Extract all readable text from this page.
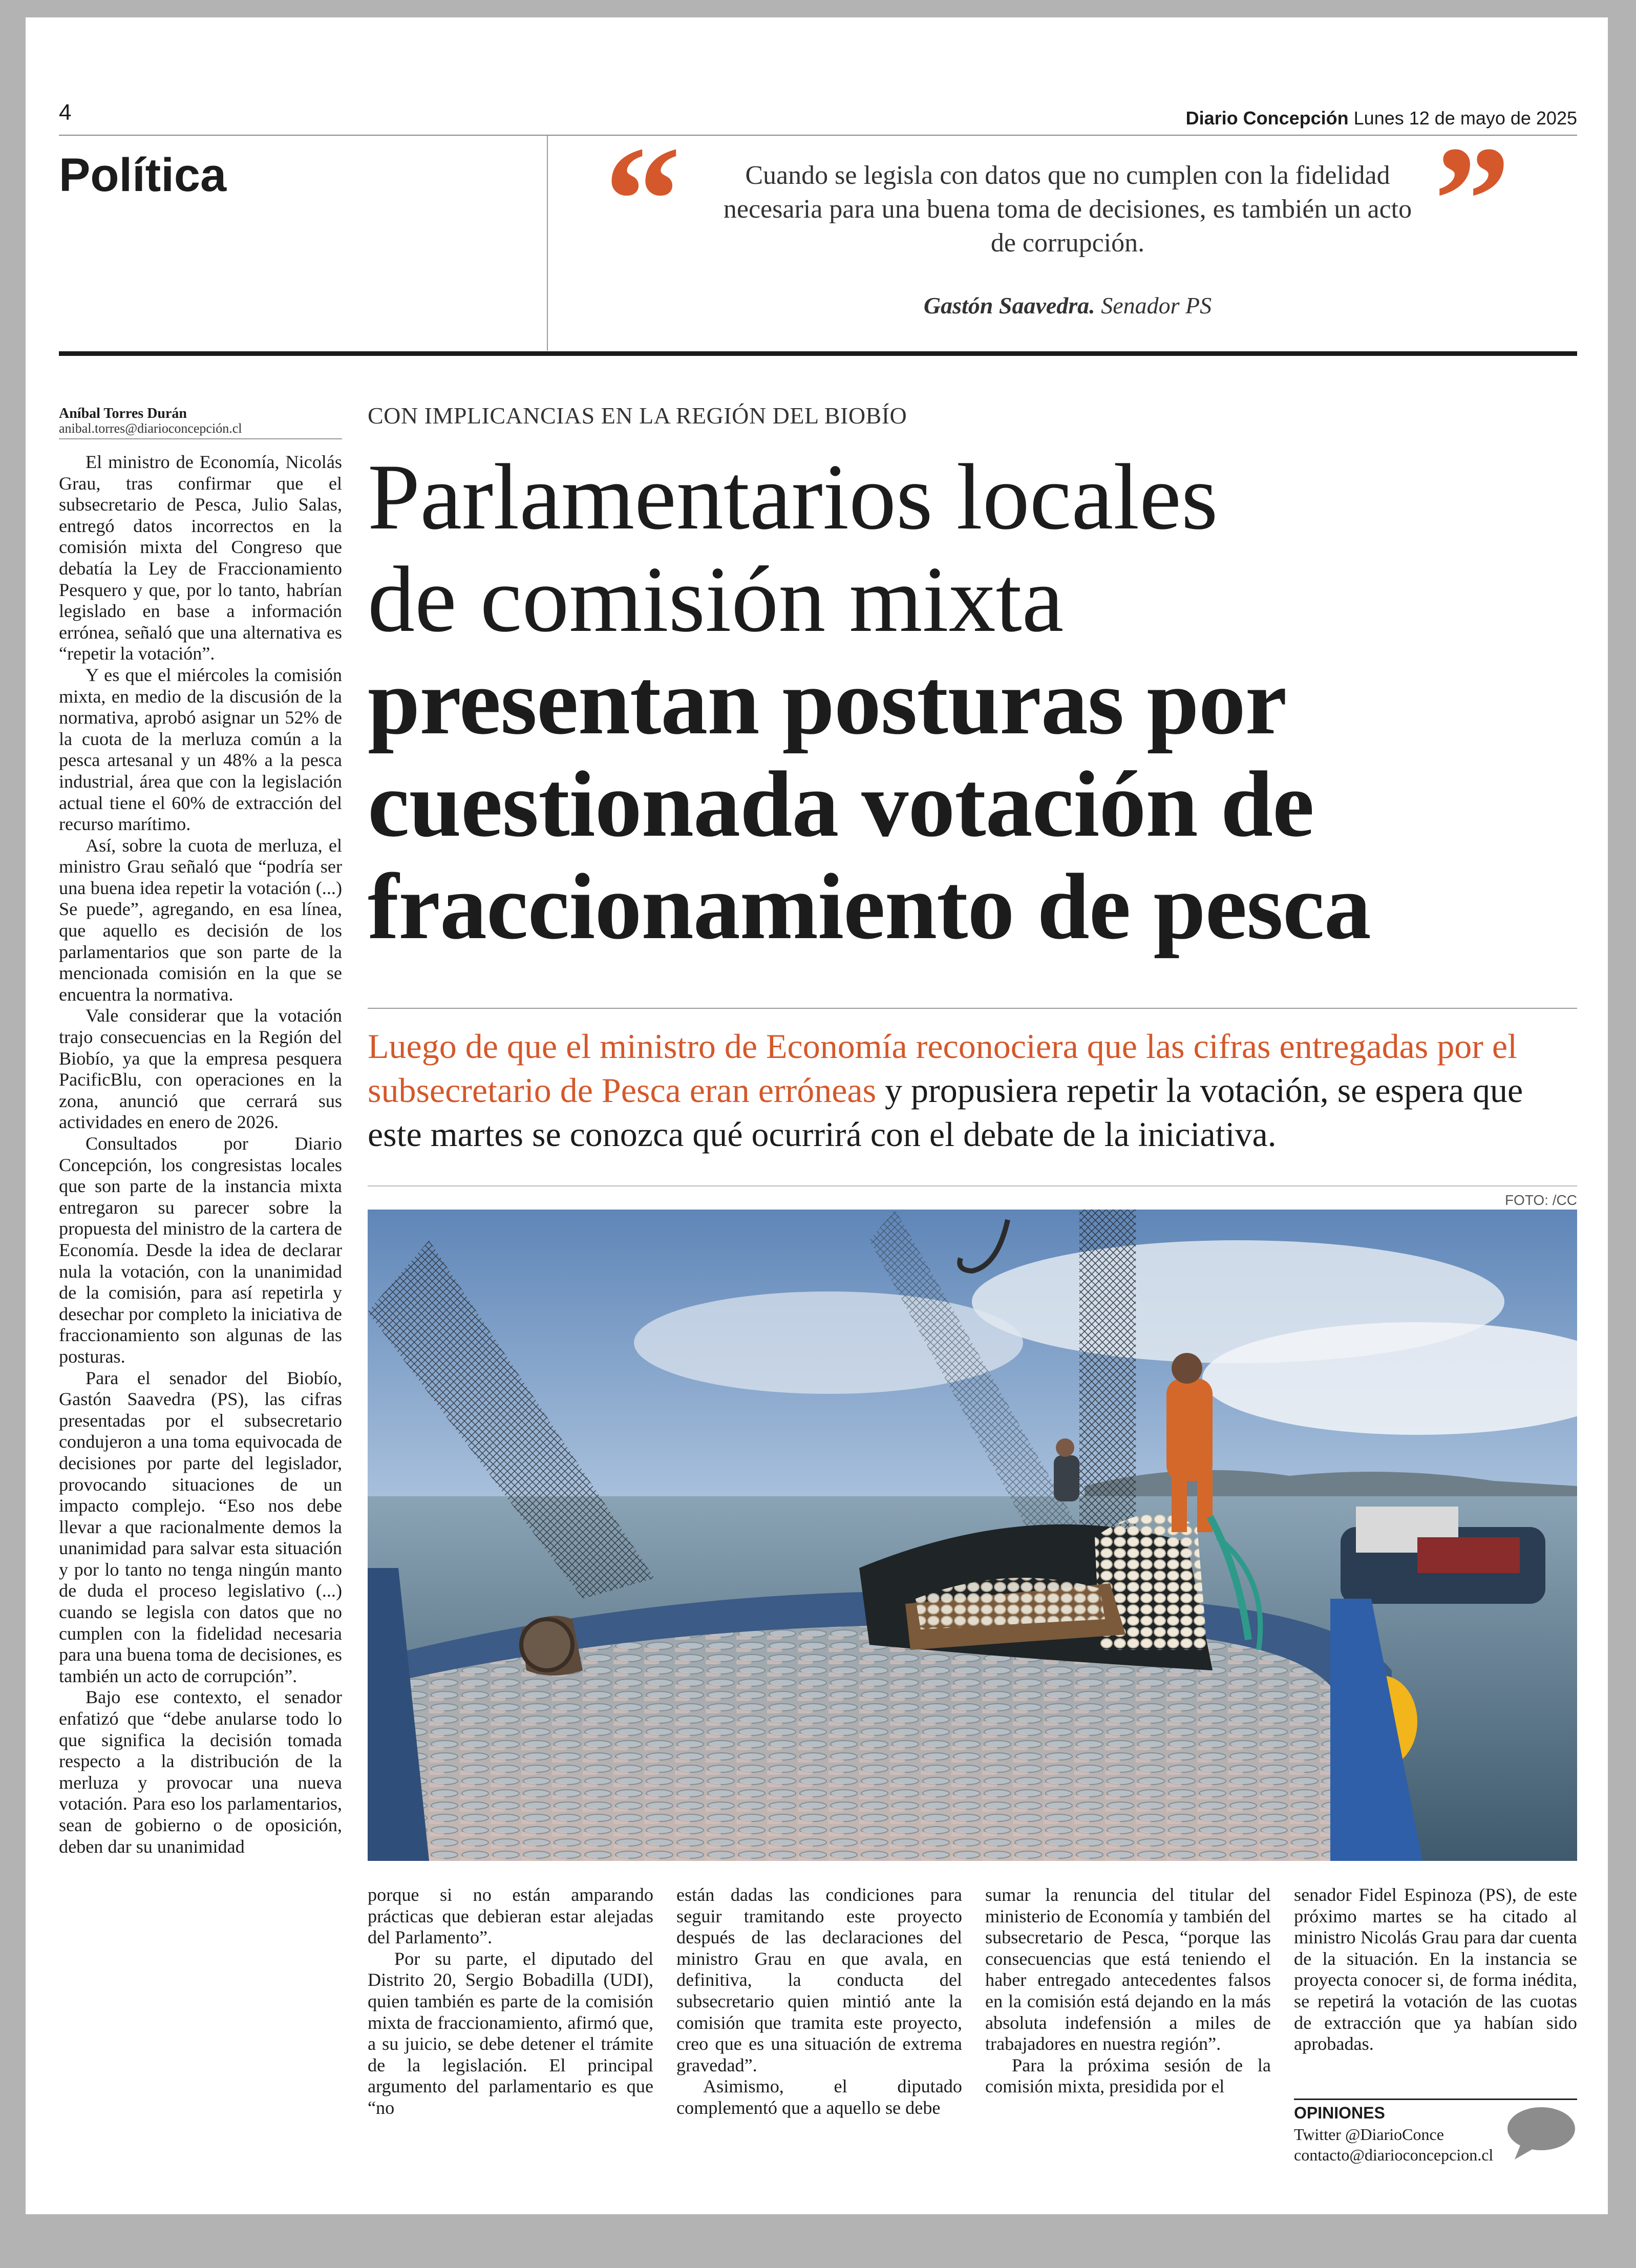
4	Diario Concepción Lunes 12 de mayo de 2025
Política “	Cuando se legisla con datos que no cumplen con la fidelidad necesaria para una buena toma de decisiones, es también un acto de corrupción.	”
Gastón Saavedra. Senador PS
Aníbal Torres Durán
anibal.torres@diarioconcepción.cl

El ministro de Economía, Nicolás Grau, tras confirmar que el subsecretario de Pesca, Julio Salas, entregó datos incorrectos en la comisión mixta del Congreso que debatía la Ley de Fraccionamiento Pesquero y que, por lo tanto, habrían legislado en base a información errónea, señaló que una alternativa es “repetir la votación”.

Y es que el miércoles la comisión mixta, en medio de la discusión de la normativa, aprobó asignar un 52% de la cuota de la merluza común a la pesca artesanal y un 48% a la pesca industrial, área que con la legislación actual tiene el 60% de extracción del recurso marítimo.

Así, sobre la cuota de merluza, el ministro Grau señaló que “podría ser una buena idea repetir la votación (...) Se puede”, agregando, en esa línea, que aquello es decisión de los parlamentarios que son parte de la mencionada comisión en la que se encuentra la normativa.

Vale considerar que la votación trajo consecuencias en la Región del Biobío, ya que la empresa pesquera PacificBlu, con operaciones en la zona, anunció que cerrará sus actividades en enero de 2026.

Consultados por Diario Concepción, los congresistas locales que son parte de la instancia mixta entregaron su parecer sobre la propuesta del ministro de la cartera de Economía. Desde la idea de declarar nula la votación, con la unanimidad de la comisión, para así repetirla y desechar por completo la iniciativa de fraccionamiento son algunas de las posturas.

Para el senador del Biobío, Gastón Saavedra (PS), las cifras presentadas por el subsecretario condujeron a una toma equivocada de decisiones por parte del legislador, provocando situaciones de un impacto complejo. “Eso nos debe llevar a que racionalmente demos la unanimidad para salvar esta situación y por lo tanto no tenga ningún manto de duda el proceso legislativo (...) cuando se legisla con datos que no cumplen con la fidelidad necesaria para una buena toma de decisiones, es también un acto de corrupción”.

Bajo ese contexto, el senador enfatizó que “debe anularse todo lo que significa la decisión tomada respecto a la distribución de la merluza y provocar una nueva votación. Para eso los parlamentarios, sean de gobierno o de oposición, deben dar su unanimidad

CON IMPLICANCIAS EN LA REGIÓN DEL BIOBÍO
Parlamentarios locales
de comisión mixta
presentan posturas por
cuestionada votación de
fraccionamiento de pesca
Luego de que el ministro de Economía reconociera que las cifras entregadas por el subsecretario de Pesca eran erróneas y propusiera repetir la votación, se espera que este martes se conozca qué ocurrirá con el debate de la iniciativa.
FOTO: /CC

porque si no están amparando prácticas que debieran estar alejadas del Parlamento”.

Por su parte, el diputado del Distrito 20, Sergio Bobadilla (UDI), quien también es parte de la comisión mixta de fraccionamiento, afirmó que, a su juicio, se debe detener el trámite de la legislación. El principal argumento del parlamentario es que “no

están dadas las condiciones para seguir tramitando este proyecto después de las declaraciones del ministro Grau en que avala, en definitiva, la conducta del subsecretario quien mintió ante la comisión que tramita este proyecto, creo que es una situación de extrema gravedad”.

Asimismo, el diputado complementó que a aquello se debe

sumar la renuncia del titular del ministerio de Economía y también del subsecretario de Pesca, “porque las consecuencias que está teniendo el haber entregado antecedentes falsos en la comisión está dejando en la más absoluta indefensión a miles de trabajadores en nuestra región”.

Para la próxima sesión de la comisión mixta, presidida por el

senador Fidel Espinoza (PS), de este próximo martes se ha citado al ministro Nicolás Grau para dar cuenta de la situación. En la instancia se proyecta conocer si, de forma inédita, se repetirá la votación de las cuotas de extracción que ya habían sido aprobadas.

OPINIONES
Twitter @DiarioConce
contacto@diarioconcepcion.cl
